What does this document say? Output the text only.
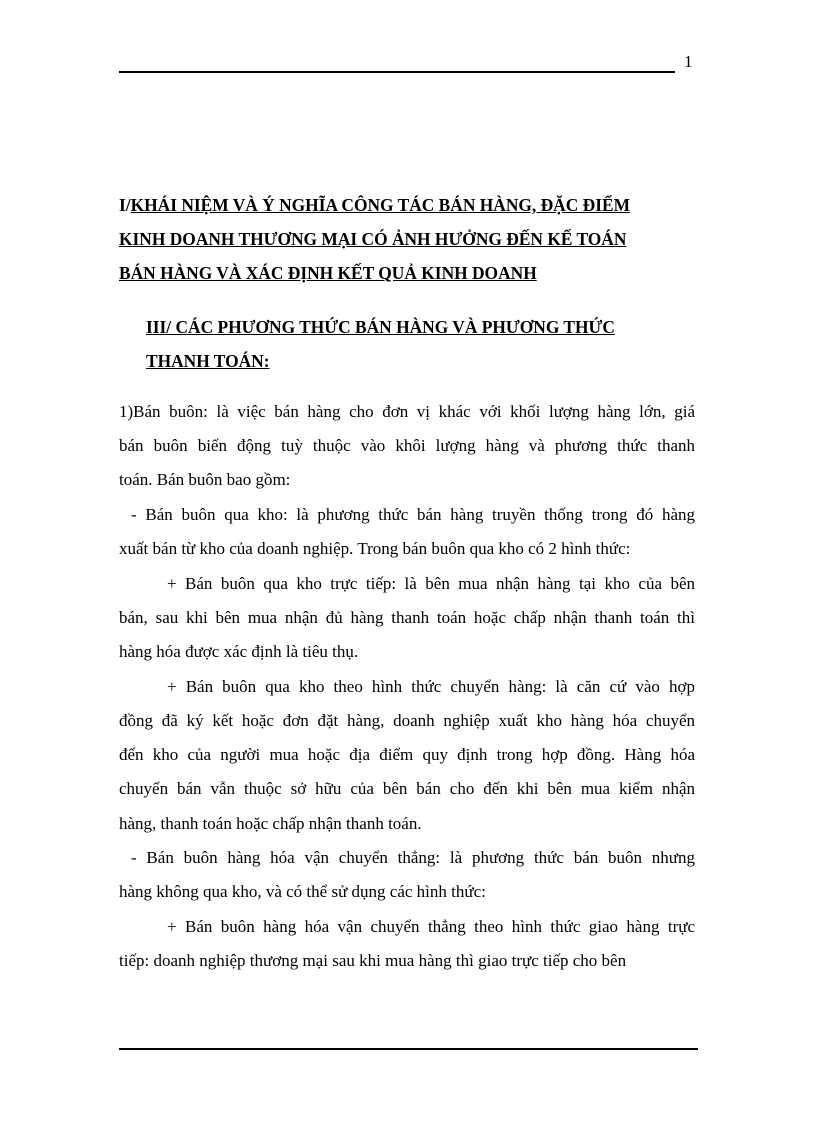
1
I/KHÁI NIỆM VÀ Ý NGHĨA CÔNG TÁC BÁN HÀNG, ĐẶC ĐIỂM
KINH DOANH THƯƠNG MẠI CÓ ẢNH HƯỞNG ĐẾN KẾ TOÁN
BÁN HÀNG VÀ XÁC ĐỊNH KẾT QUẢ KINH DOANH
III/ CÁC PHƯƠNG THỨC BÁN HÀNG VÀ PHƯƠNG THỨC
THANH TOÁN:
1)Bán buôn: là việc bán hàng cho đơn vị khác với khối lượng hàng lớn, giá
bán buôn biến động tuỳ thuộc vào khôi lượng hàng và phương thức thanh
toán. Bán buôn bao gồm:
- Bán buôn qua kho: là phương thức bán hàng truyền thống trong đó hàng
xuất bán từ kho của doanh nghiệp. Trong bán buôn qua kho có 2 hình thức:
+ Bán buôn qua kho trực tiếp: là bên mua nhận hàng tại kho của bên
bán, sau khi bên mua nhận đủ hàng thanh toán hoặc chấp nhận thanh toán thì
hàng hóa được xác định là tiêu thụ.
+ Bán buôn qua kho theo hình thức chuyển hàng: là căn cứ vào hợp
đồng đã ký kết hoặc đơn đặt hàng, doanh nghiệp xuất kho hàng hóa chuyển
đến kho của người mua hoặc địa điểm quy định trong hợp đồng. Hàng hóa
chuyển bán vẫn thuộc sở hữu của bên bán cho đến khi bên mua kiểm nhận
hàng, thanh toán hoặc chấp nhận thanh toán.
- Bán buôn hàng hóa vận chuyển thẳng: là phương thức bán buôn nhưng
hàng không qua kho, và có thể sử dụng các hình thức:
+ Bán buôn hàng hóa vận chuyển thẳng theo hình thức giao hàng trực
tiếp: doanh nghiệp thương mại sau khi mua hàng thì giao trực tiếp cho bên
